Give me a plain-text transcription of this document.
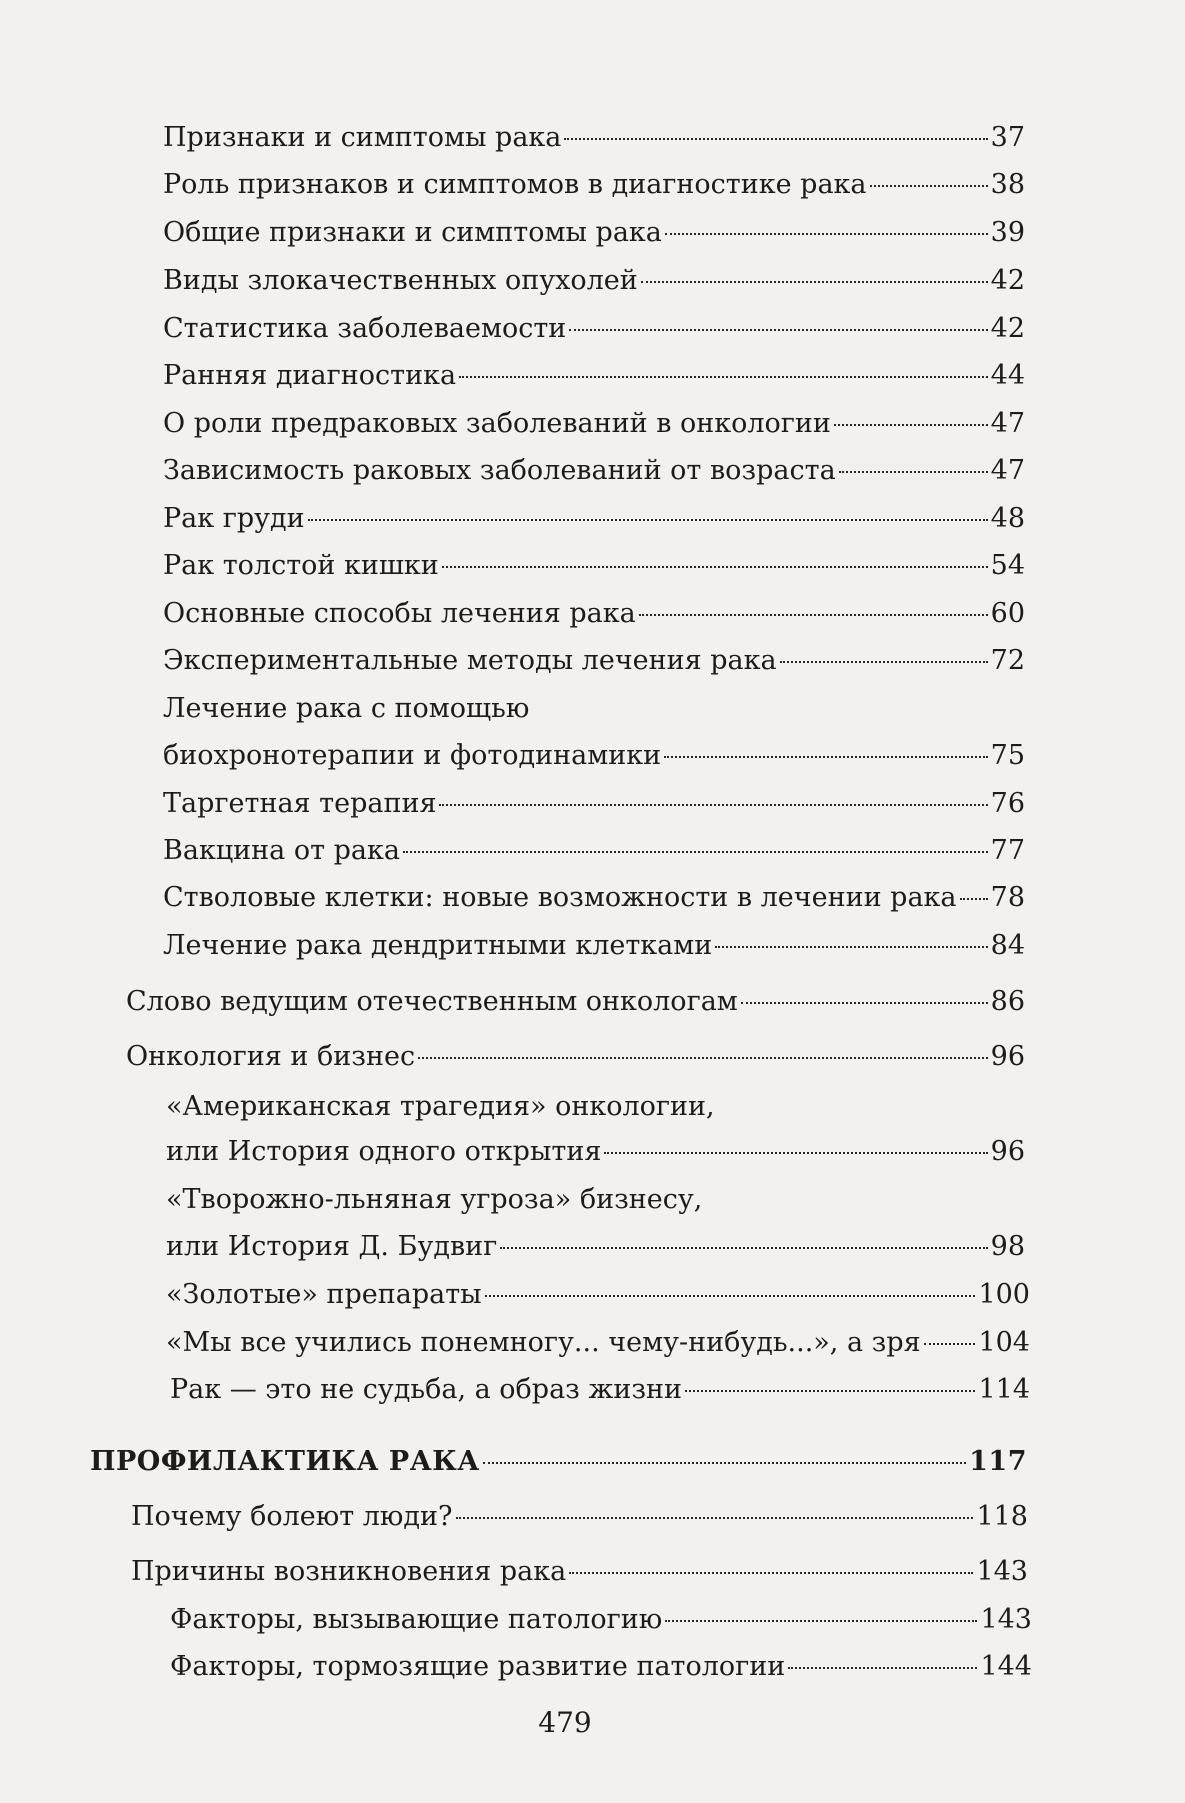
Признаки и симптомы рака	37
Роль признаков и симптомов в диагностике рака	38
Общие признаки и симптомы рака	39
Виды злокачественных опухолей	42
Статистика заболеваемости	42
Ранняя диагностика	44
О роли предраковых заболеваний в онкологии	47
Зависимость раковых заболеваний от возраста	47
Рак груди	48
Рак толстой кишки	54
Основные способы лечения рака	60
Экспериментальные методы лечения рака	72
Лечение рака с помощью
биохронотерапии и фотодинамики	75
Таргетная терапия	76
Вакцина от рака	77
Стволовые клетки: новые возможности в лечении рака 78
Лечение рака дендритными клетками	84
Слово ведущим отечественным онкологам	86
Онкология и бизнес	96
«Американская трагедия» онкологии,
или История одного открытия	96
«Творожно-льняная угроза» бизнесу,
или История Д. Будвиг	98
«Золотые» препараты	100
«Мы все учились понемногу... чему-нибудь...», а зря 104
Рак — это не судьба, а образ жизни	114
ПРОФИЛАКТИКА РАКА	117
Почему болеют люди?	118
Причины возникновения рака	143
Факторы, вызывающие патологию	143
Факторы, тормозящие развитие патологии	144
479
